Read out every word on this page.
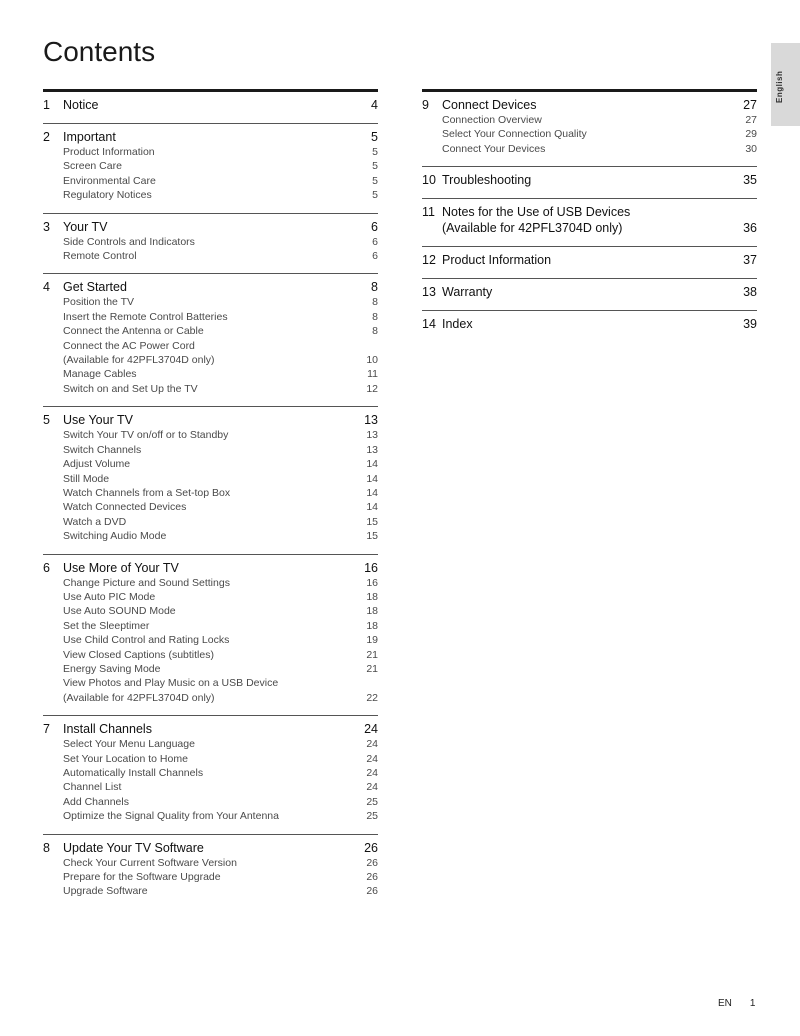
Contents
English
1	Notice	4
2	Important	5
Product Information	5
Screen Care	5
Environmental Care	5
Regulatory Notices	5
3	Your TV	6
Side Controls and Indicators	6
Remote Control	6
4	Get Started	8
Position the TV	8
Insert the Remote Control Batteries	8
Connect the Antenna or Cable	8
Connect the AC Power Cord
(Available for 42PFL3704D only)	10
Manage Cables	11
Switch on and Set Up the TV	12
5	Use Your TV	13
Switch Your TV on/off or to Standby	13
Switch Channels	13
Adjust Volume	14
Still Mode	14
Watch Channels from a Set-top Box	14
Watch Connected Devices	14
Watch a DVD	15
Switching Audio Mode	15
6	Use More of Your TV	16
Change Picture and Sound Settings	16
Use Auto PIC Mode	18
Use Auto SOUND Mode	18
Set the Sleeptimer	18
Use Child Control and Rating Locks	19
View Closed Captions (subtitles)	21
Energy Saving Mode	21
View Photos and Play Music on a USB Device
(Available for 42PFL3704D only)	22
7	Install Channels	24
Select Your Menu Language	24
Set Your Location to Home	24
Automatically Install Channels	24
Channel List	24
Add Channels	25
Optimize the Signal Quality from Your Antenna	25
8	Update Your TV Software	26
Check Your Current Software Version	26
Prepare for the Software Upgrade	26
Upgrade Software	26
9	Connect Devices	27
Connection Overview	27
Select Your Connection Quality	29
Connect Your Devices	30
10 Troubleshooting	35
11 Notes for the Use of USB Devices
(Available for 42PFL3704D only)	36
12 Product Information	37
13 Warranty	38
14 Index	39
EN 1
